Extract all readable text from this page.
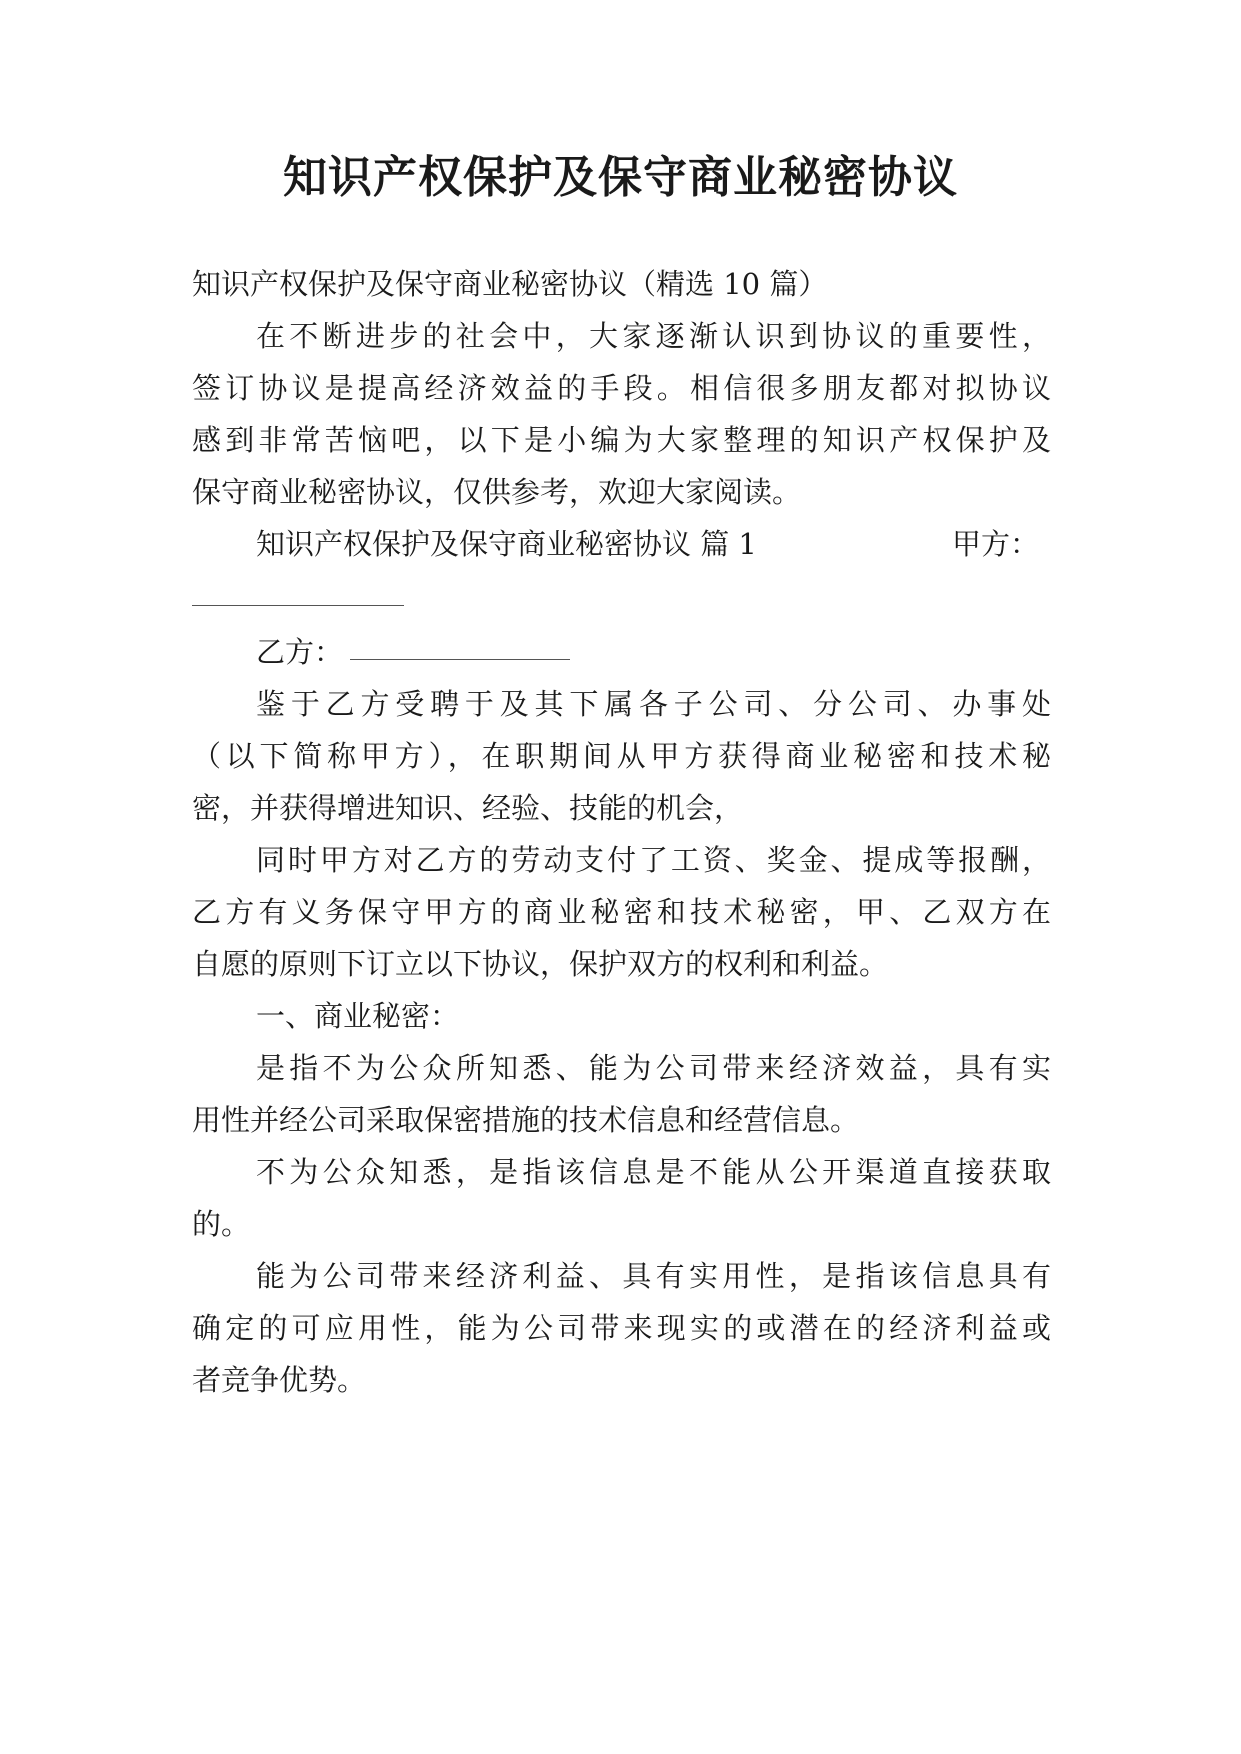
知识产权保护及保守商业秘密协议
知识产权保护及保守商业秘密协议（精选 10 篇）
在不断进步的社会中，大家逐渐认识到协议的重要性，
签订协议是提高经济效益的手段。相信很多朋友都对拟协议
感到非常苦恼吧，以下是小编为大家整理的知识产权保护及
保守商业秘密协议，仅供参考，欢迎大家阅读。
知识产权保护及保守商业秘密协议 篇 1	甲方：
乙方：
鉴于乙方受聘于及其下属各子公司、分公司、办事处
（以下简称甲方），在职期间从甲方获得商业秘密和技术秘
密，并获得增进知识、经验、技能的机会，
同时甲方对乙方的劳动支付了工资、奖金、提成等报酬，
乙方有义务保守甲方的商业秘密和技术秘密，甲、乙双方在
自愿的原则下订立以下协议，保护双方的权利和利益。
一、商业秘密：
是指不为公众所知悉、能为公司带来经济效益，具有实
用性并经公司采取保密措施的技术信息和经营信息。
不为公众知悉，是指该信息是不能从公开渠道直接获取
的。
能为公司带来经济利益、具有实用性，是指该信息具有
确定的可应用性，能为公司带来现实的或潜在的经济利益或
者竞争优势。
